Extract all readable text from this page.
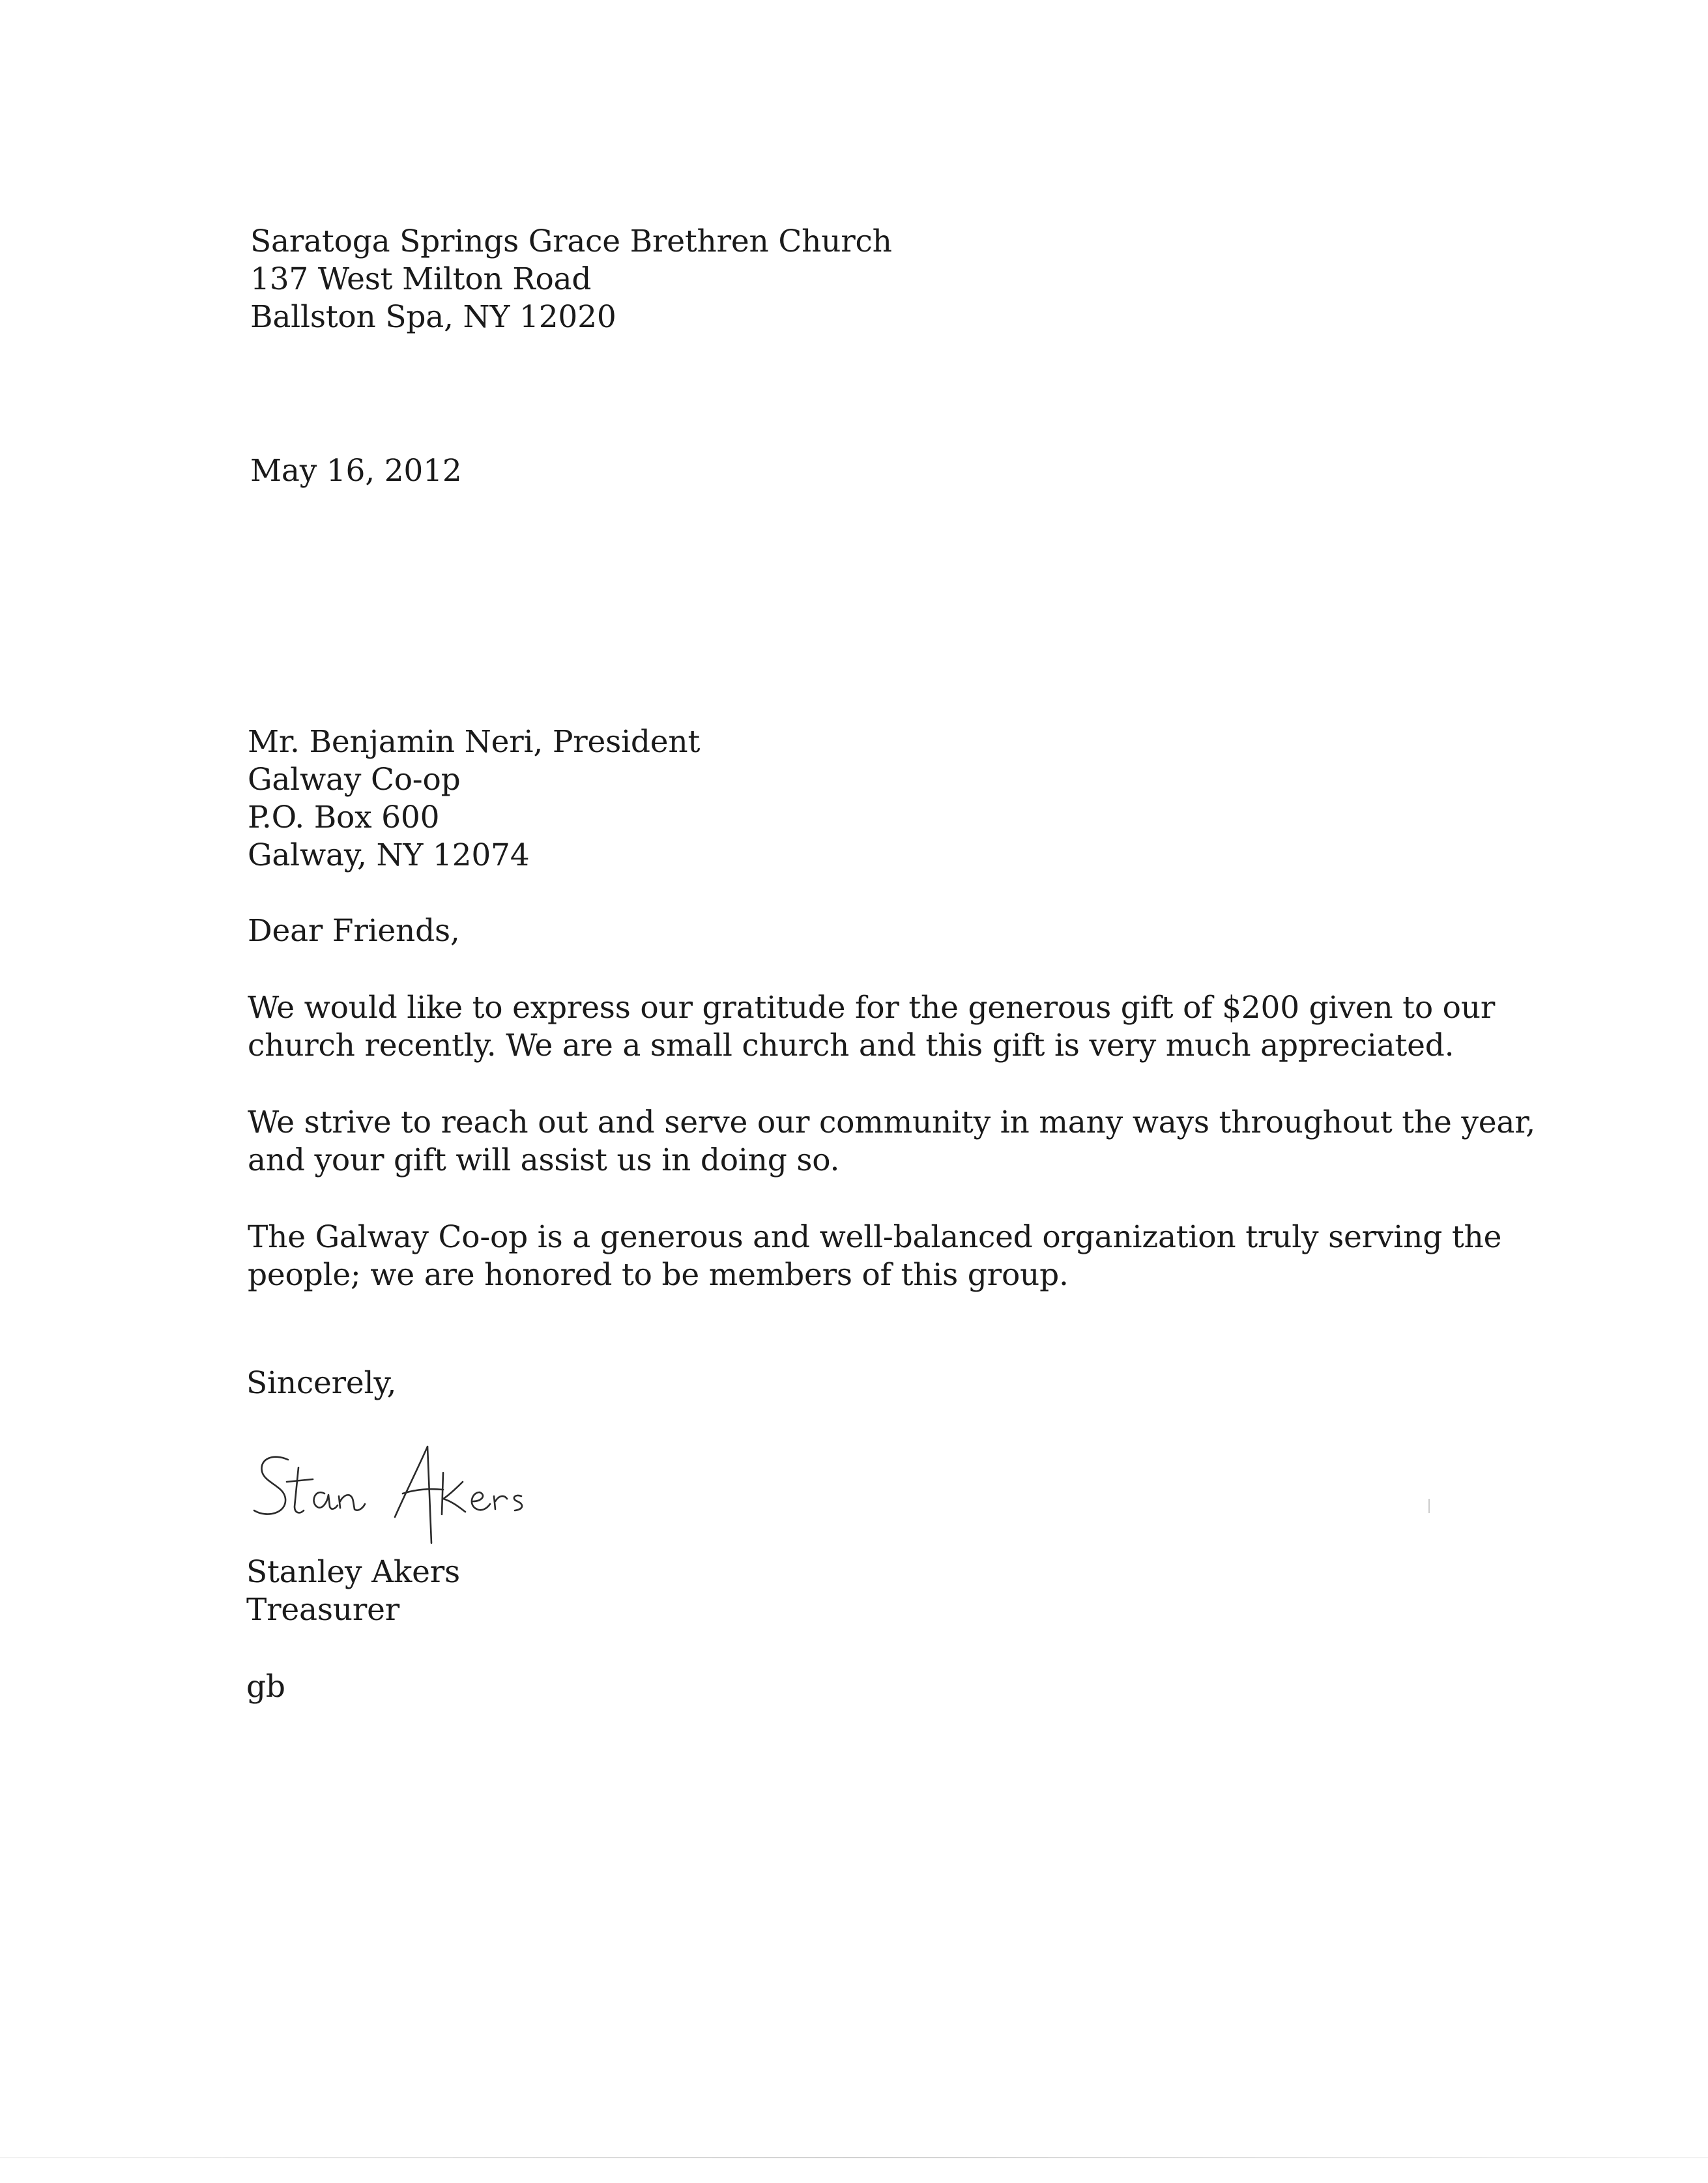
Saratoga Springs Grace Brethren Church
137 West Milton Road
Ballston Spa, NY 12020
May 16, 2012
Mr. Benjamin Neri, President
Galway Co-op
P.O. Box 600
Galway, NY 12074
Dear Friends,
We would like to express our gratitude for the generous gift of $200 given to our
church recently. We are a small church and this gift is very much appreciated.
We strive to reach out and serve our community in many ways throughout the year,
and your gift will assist us in doing so.
The Galway Co-op is a generous and well-balanced organization truly serving the
people; we are honored to be members of this group.
Sincerely,
Stanley Akers
Treasurer
gb
